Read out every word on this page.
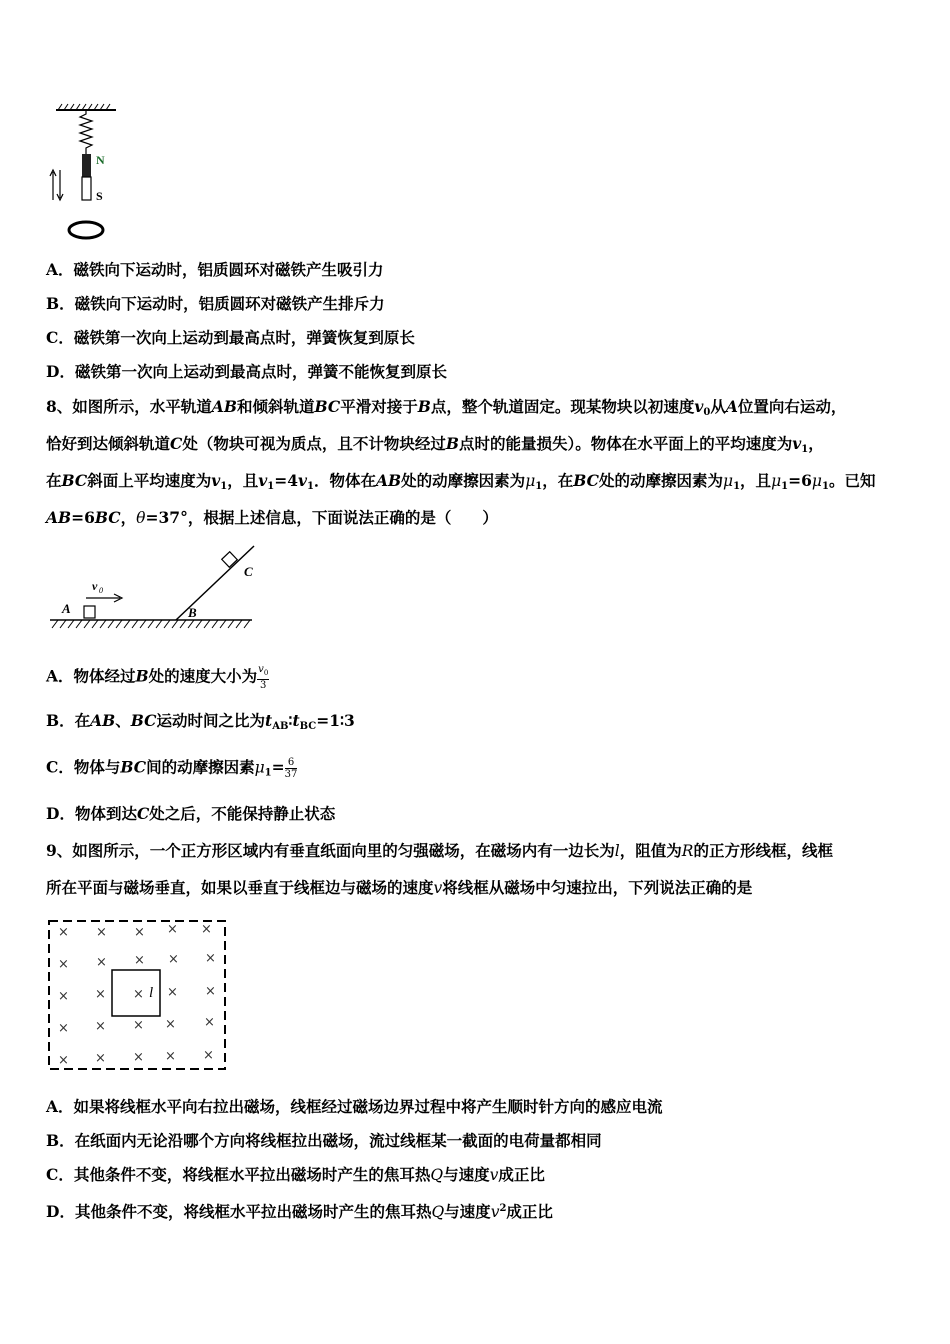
N
S
A．磁铁向下运动时，铝质圆环对磁铁产生吸引力
B．磁铁向下运动时，铝质圆环对磁铁产生排斥力
C．磁铁第一次向上运动到最高点时，弹簧恢复到原长
D．磁铁第一次向上运动到最高点时，弹簧不能恢复到原长
8、如图所示，水平轨道AB和倾斜轨道BC平滑对接于B点，整个轨道固定。现某物块以初速度$v_0$从A位置向右运动，
恰好到达倾斜轨道C处（物块可视为质点，且不计物块经过B点时的能量损失）。物体在水平面上的平均速度为$v_1$，
在BC斜面上平均速度为$v_1$，且$v_1=4v_1$．物体在AB处的动摩擦因素为$\mu_1$，在BC处的动摩擦因素为$\mu_1$，且$\mu_1=6\mu_1$。已知
AB=6BC，θ=37°，根据上述信息，下面说法正确的是（　　）
v 0
A	B
C
A．物体经过B处的速度大小为 $\frac{v_0}{3}$
B．在AB、BC运动时间之比为$t_{AB}∶t_{BC}=1∶3$
C．物体与BC间的动摩擦因素$\mu_1= \frac{6}{37}$
D．物体到达C处之后，不能保持静止状态
9、如图所示，一个正方形区域内有垂直纸面向里的匀强磁场，在磁场内有一边长为l，阻值为R的正方形线框，线框
所在平面与磁场垂直，如果以垂直于线框边与磁场的速度v将线框从磁场中匀速拉出，下列说法正确的是
× × × × ×
× × × × ×
× × × × ×
× × × × ×
× × × × ×
l
A．如果将线框水平向右拉出磁场，线框经过磁场边界过程中将产生顺时针方向的感应电流
B．在纸面内无论沿哪个方向将线框拉出磁场，流过线框某一截面的电荷量都相同
C．其他条件不变，将线框水平拉出磁场时产生的焦耳热Q与速度v成正比
D．其他条件不变，将线框水平拉出磁场时产生的焦耳热Q与速度$v^2$成正比
